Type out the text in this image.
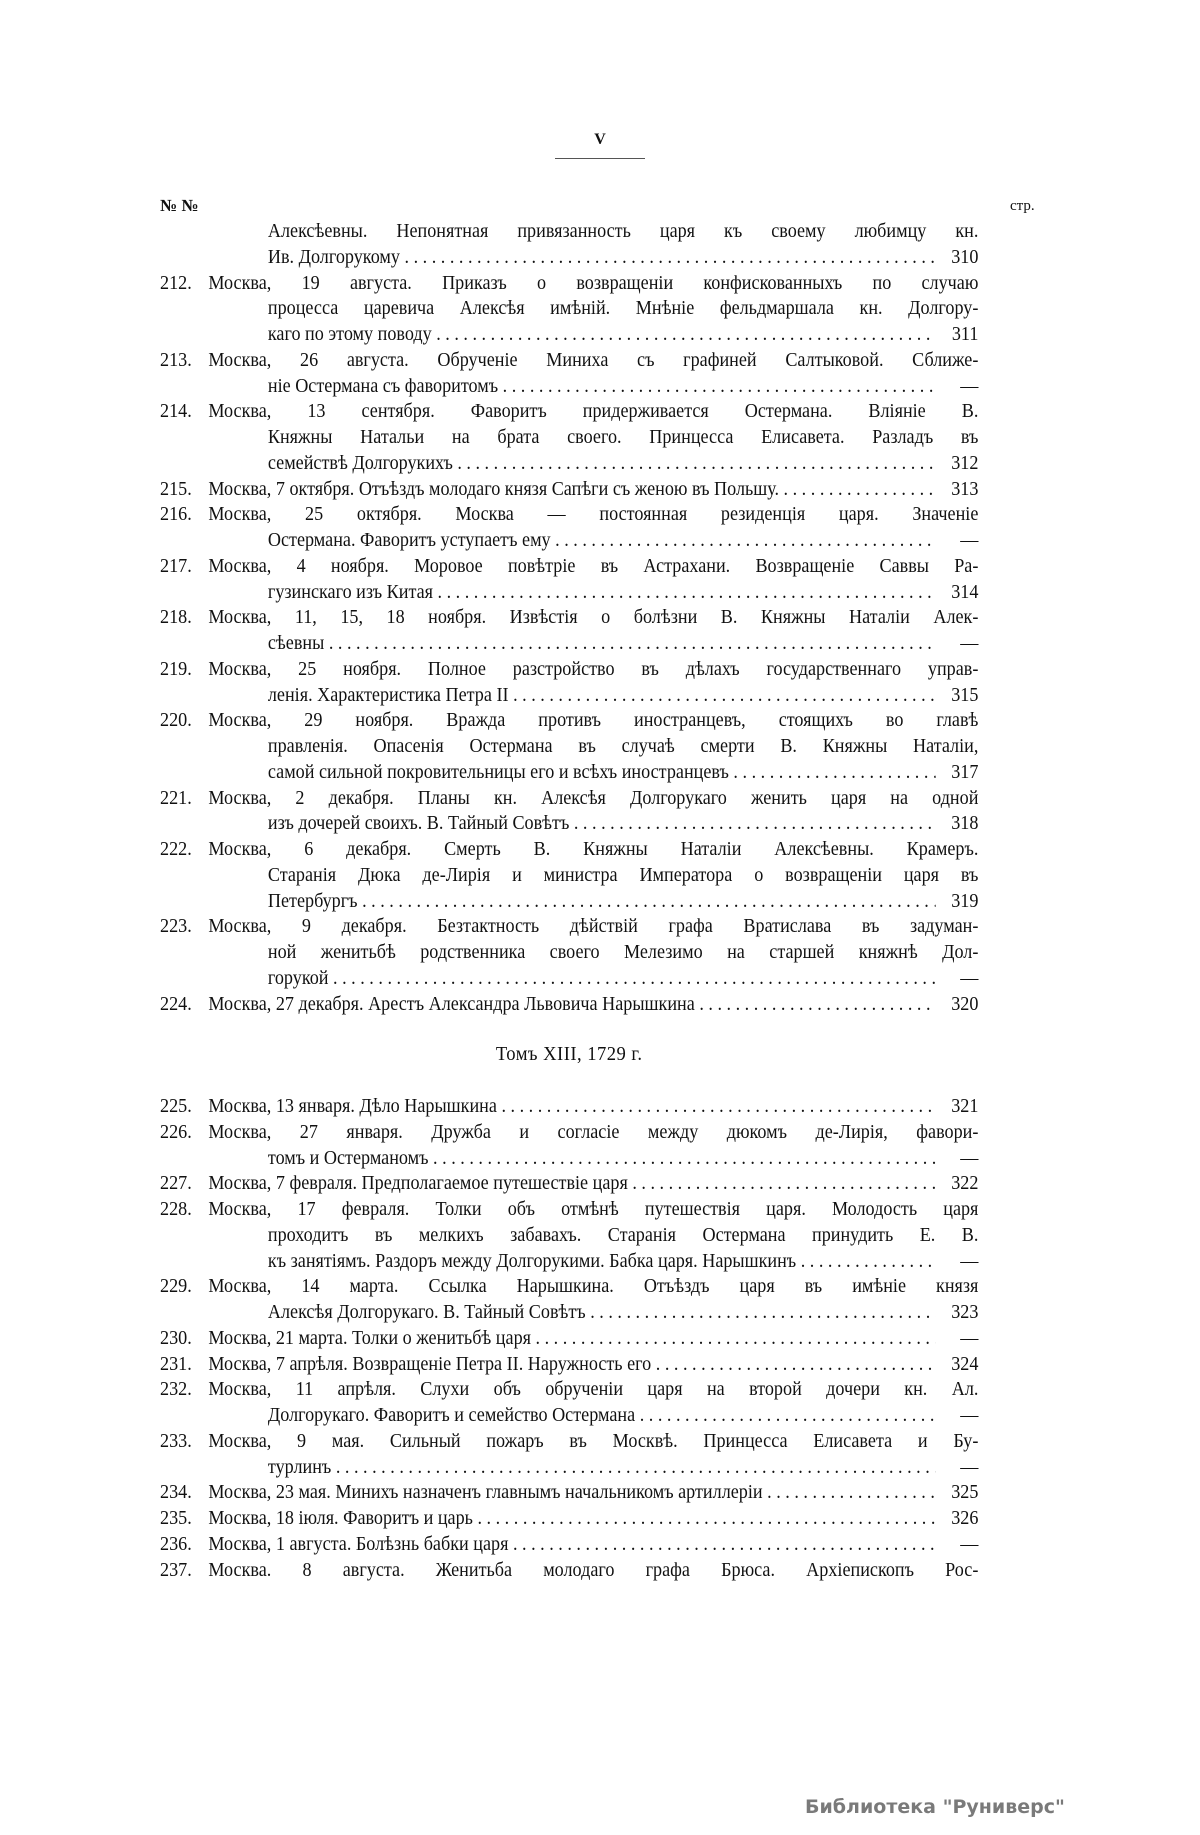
V
№ №	стр.
Алексѣевны. Непонятная привязанность царя къ своему любимцу кн.
Ив. Долгорукому . . .	310
212. Москва, 19 августа. Приказъ о возвращеніи конфискованныхъ по случаю
процесса царевича Алексѣя имѣній. Мнѣніе фельдмаршала кн. Долгору-
каго по этому поводу . . .	311
213. Москва, 26 августа. Обрученіе Миниха съ графиней Салтыковой. Сближе-
ніе Остермана съ фаворитомъ . . .	—
214. Москва, 13 сентября. Фаворитъ придерживается Остермана. Вліяніе В.
Княжны Натальи на брата своего. Принцесса Елисавета. Разладъ въ
семействѣ Долгорукихъ . . .	312
215. Москва, 7 октября. Отъѣздъ молодаго князя Сапѣги съ женою въ Польшу. . . .	313
216. Москва, 25 октября. Москва — постоянная резиденція царя. Значеніе
Остермана. Фаворитъ уступаетъ ему . . .	—
217. Москва, 4 ноября. Моровое повѣтріе въ Астрахани. Возвращеніе Саввы Ра-
гузинскаго изъ Китая . . .	314
218. Москва, 11, 15, 18 ноября. Извѣстія о болѣзни В. Княжны Наталіи Алек-
сѣевны . . .	—
219. Москва, 25 ноября. Полное разстройство въ дѣлахъ государственнаго управ-
ленія. Характеристика Петра II . . .	315
220. Москва, 29 ноября. Вражда противъ иностранцевъ, стоящихъ во главѣ
правленія. Опасенія Остермана въ случаѣ смерти В. Княжны Наталіи,
самой сильной покровительницы его и всѣхъ иностранцевъ . . .	317
221. Москва, 2 декабря. Планы кн. Алексѣя Долгорукаго женить царя на одной
изъ дочерей своихъ. В. Тайный Совѣтъ . . .	318
222. Москва, 6 декабря. Смерть В. Княжны Наталіи Алексѣевны. Крамеръ.
Старанія Дюка де-Лирія и министра Императора о возвращеніи царя въ
Петербургъ . . .	319
223. Москва, 9 декабря. Безтактность дѣйствій графа Вратислава въ задуман-
ной женитьбѣ родственника своего Мелезимо на старшей княжнѣ Дол-
горукой . . .	—
224. Москва, 27 декабря. Арестъ Александра Львовича Нарышкина . . .	320
Томъ XIII, 1729 г.
225. Москва, 13 января. Дѣло Нарышкина . . .	321
226. Москва, 27 января. Дружба и согласіе между дюкомъ де-Лирія, фавори-
томъ и Остерманомъ . . .	—
227. Москва, 7 февраля. Предполагаемое путешествіе царя . . .	322
228. Москва, 17 февраля. Толки объ отмѣнѣ путешествія царя. Молодость царя
проходитъ въ мелкихъ забавахъ. Старанія Остермана принудить Е. В.
къ занятіямъ. Раздоръ между Долгорукими. Бабка царя. Нарышкинъ . . .	—
229. Москва, 14 марта. Ссылка Нарышкина. Отъѣздъ царя въ имѣніе князя
Алексѣя Долгорукаго. В. Тайный Совѣтъ . . .	323
230. Москва, 21 марта. Толки о женитьбѣ царя . . .	—
231. Москва, 7 апрѣля. Возвращеніе Петра II. Наружность его . . .	324
232. Москва, 11 апрѣля. Слухи объ обрученіи царя на второй дочери кн. Ал.
Долгорукаго. Фаворитъ и семейство Остермана . . .	—
233. Москва, 9 мая. Сильный пожаръ въ Москвѣ. Принцесса Елисавета и Бу-
турлинъ . . .	—
234. Москва, 23 мая. Минихъ назначенъ главнымъ начальникомъ артиллеріи . . .	325
235. Москва, 18 іюля. Фаворитъ и царь . . .	326
236. Москва, 1 августа. Болѣзнь бабки царя . . .	—
237. Москва. 8 августа. Женитьба молодаго графа Брюса. Архіепископъ Рос-
Библиотека "Руниверс"
